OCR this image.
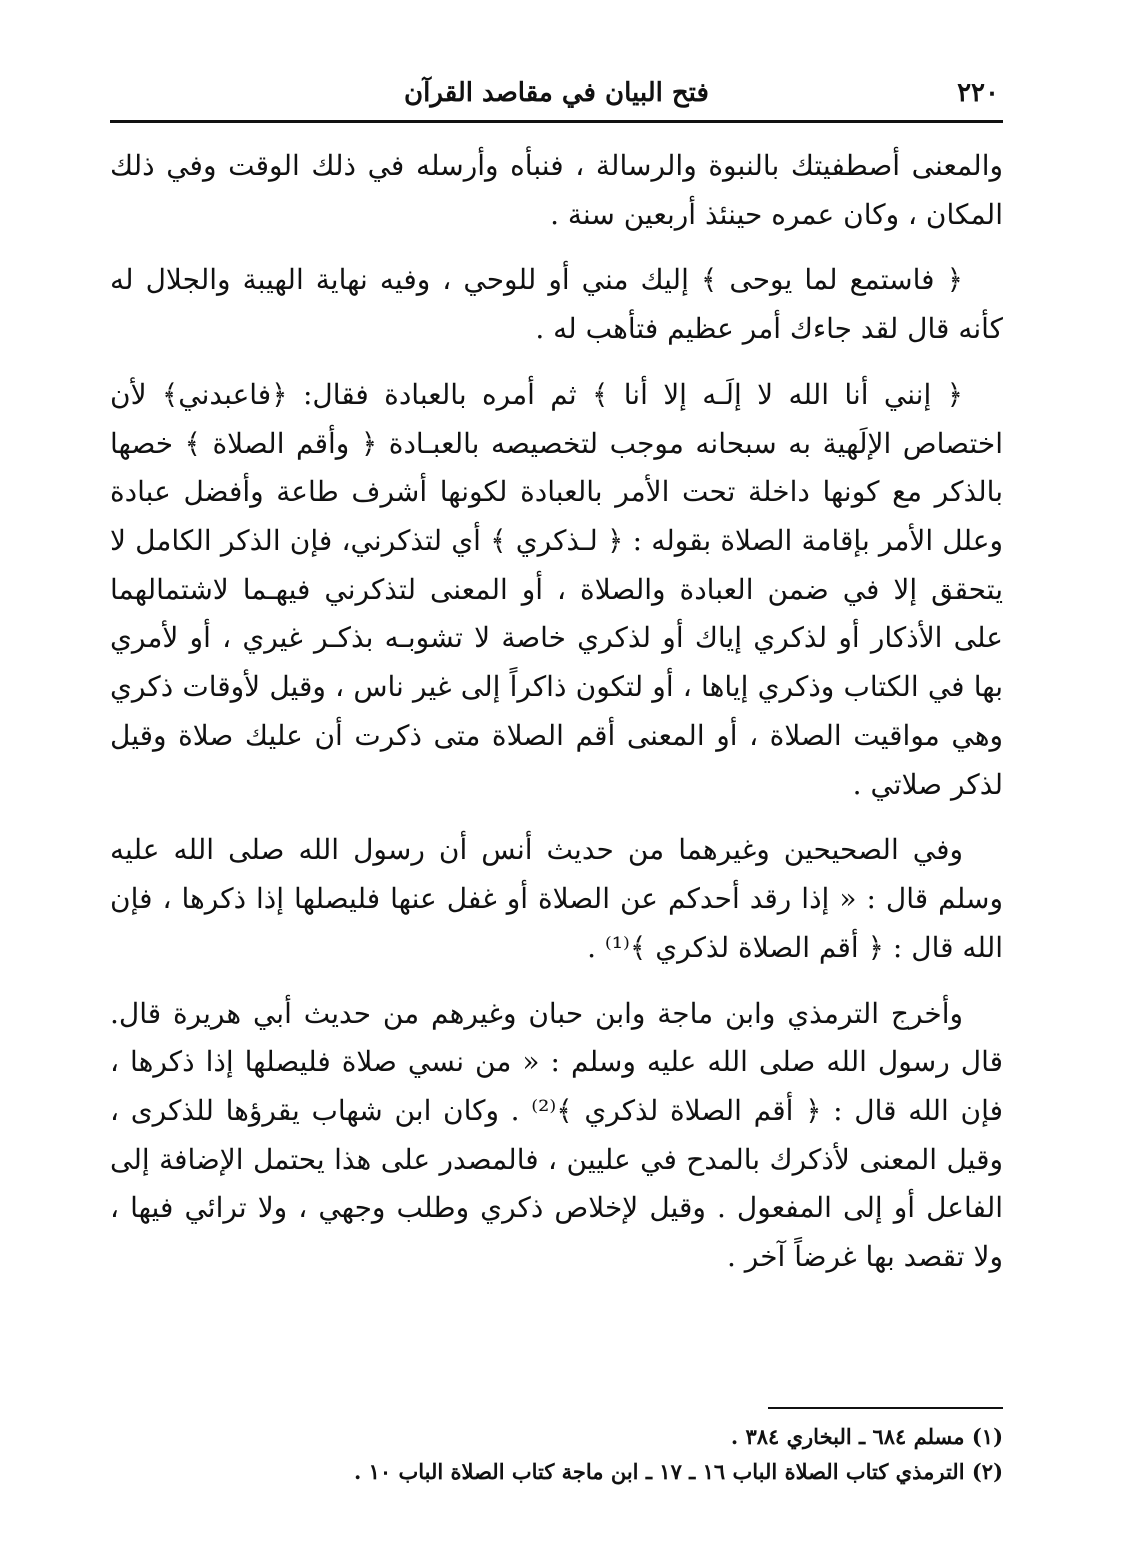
٢٢٠
فتح البيان في مقاصد القرآن

والمعنى أصطفيتك بالنبوة والرسالة ، فنبأه وأرسله في ذلك الوقت وفي ذلك المكان ، وكان عمره حينئذ أربعين سنة .

﴿ فاستمع لما يوحى ﴾ إليك مني أو للوحي ، وفيه نهاية الهيبة والجلال له كأنه قال لقد جاءك أمر عظيم فتأهب له .

﴿ إنني أنا الله لا إلَـه إلا أنا ﴾ ثم أمره بالعبادة فقال: ﴿فاعبدني﴾ لأن اختصاص الإلَهية به سبحانه موجب لتخصيصه بالعبـادة ﴿ وأقم الصلاة ﴾ خصها بالذكر مع كونها داخلة تحت الأمر بالعبادة لكونها أشرف طاعة وأفضل عبادة وعلل الأمر بإقامة الصلاة بقوله : ﴿ لـذكري ﴾ أي لتذكرني، فإن الذكر الكامل لا يتحقق إلا في ضمن العبادة والصلاة ، أو المعنى لتذكرني فيهـما لاشتمالهما على الأذكار أو لذكري إياك أو لذكري خاصة لا تشوبـه بذكـر غيري ، أو لأمري بها في الكتاب وذكري إياها ، أو لتكون ذاكراً إلى غير ناس ، وقيل لأوقات ذكري وهي مواقيت الصلاة ، أو المعنى أقم الصلاة متى ذكرت أن عليك صلاة وقيل لذكر صلاتي .

وفي الصحيحين وغيرهما من حديث أنس أن رسول الله صلى الله عليه وسلم قال : « إذا رقد أحدكم عن الصلاة أو غفل عنها فليصلها إذا ذكرها ، فإن الله قال : ﴿ أقم الصلاة لذكري ﴾⁽¹⁾ .

وأخرج الترمذي وابن ماجة وابن حبان وغيرهم من حديث أبي هريرة قال. قال رسول الله صلى الله عليه وسلم : « من نسي صلاة فليصلها إذا ذكرها ، فإن الله قال : ﴿ أقم الصلاة لذكري ﴾⁽²⁾ . وكان ابن شهاب يقرؤها للذكرى ، وقيل المعنى لأذكرك بالمدح في عليين ، فالمصدر على هذا يحتمل الإضافة إلى الفاعل أو إلى المفعول . وقيل لإخلاص ذكري وطلب وجهي ، ولا ترائي فيها ، ولا تقصد بها غرضاً آخر .

(١) مسلم ٦٨٤ ـ البخاري ٣٨٤ .
(٢) الترمذي كتاب الصلاة الباب ١٦ ـ ١٧ ـ ابن ماجة كتاب الصلاة الباب ١٠ .
